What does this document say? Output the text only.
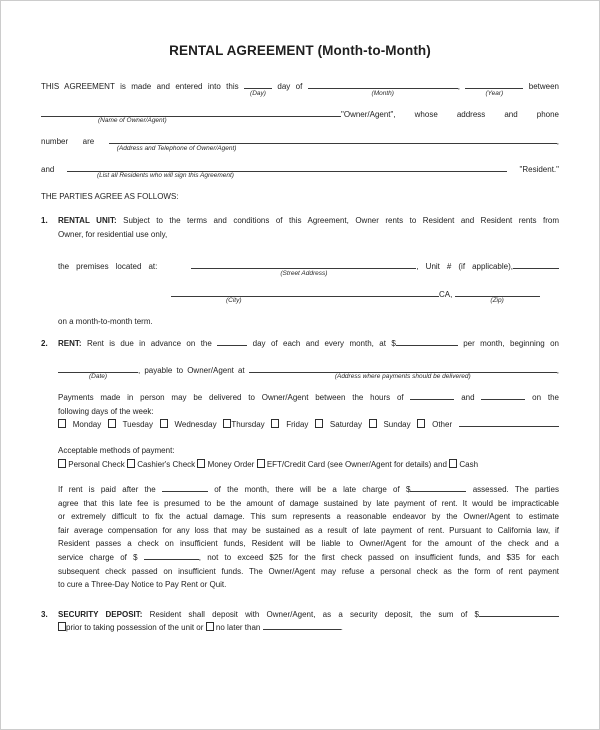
RENTAL AGREEMENT (Month-to-Month)
THIS AGREEMENT is made and entered into this
(Day)
day of
(Month)
,
(Year)
between
(Name of Owner/Agent)
"Owner/Agent", whose address and phone
number are
(Address and Telephone of Owner/Agent)
,
and
(List all Residents who will sign this Agreement)
"Resident."
THE PARTIES AGREE AS FOLLOWS:
1.	RENTAL UNIT: Subject to the terms and conditions of this Agreement, Owner rents to Resident and Resident rents from
Owner, for residential use only,
the premises located at:
(Street Address)
, Unit # (if applicable),
(City)
CA,
(Zip)
on a month-to-month term.
2.	RENT: Rent is due in advance on the	day of each and every month, at $	per month, beginning on
(Date)
, payable to Owner/Agent at
(Address where payments should be delivered)
,
Payments made in person may be delivered to Owner/Agent between the hours of	and	on the
following days of the week:
Monday	Tuesday	Wednesday Thursday	Friday	Saturday	Sunday	Other
Acceptable methods of payment:
Personal Check Cashier's Check Money Order EFT/Credit Card (see Owner/Agent for details) and Cash
If rent is paid after the	of the month, there will be a late charge of $	assessed. The parties
agree that this late fee is presumed to be the amount of damage sustained by late payment of rent. It would be impracticable
or extremely difficult to fix the actual damage. This sum represents a reasonable endeavor by the Owner/Agent to estimate
fair average compensation for any loss that may be sustained as a result of late payment of rent. Pursuant to California law, if
Resident passes a check on insufficient funds, Resident will be liable to Owner/Agent for the amount of the check and a
service charge of $	, not to exceed $25 for the first check passed on insufficient funds, and $35 for each
subsequent check passed on insufficient funds. The Owner/Agent may refuse a personal check as the form of rent payment
to cure a Three-Day Notice to Pay Rent or Quit.
3.	SECURITY DEPOSIT: Resident shall deposit with Owner/Agent, as a security deposit, the sum of $
prior to taking possession of the unit or no later than	.
